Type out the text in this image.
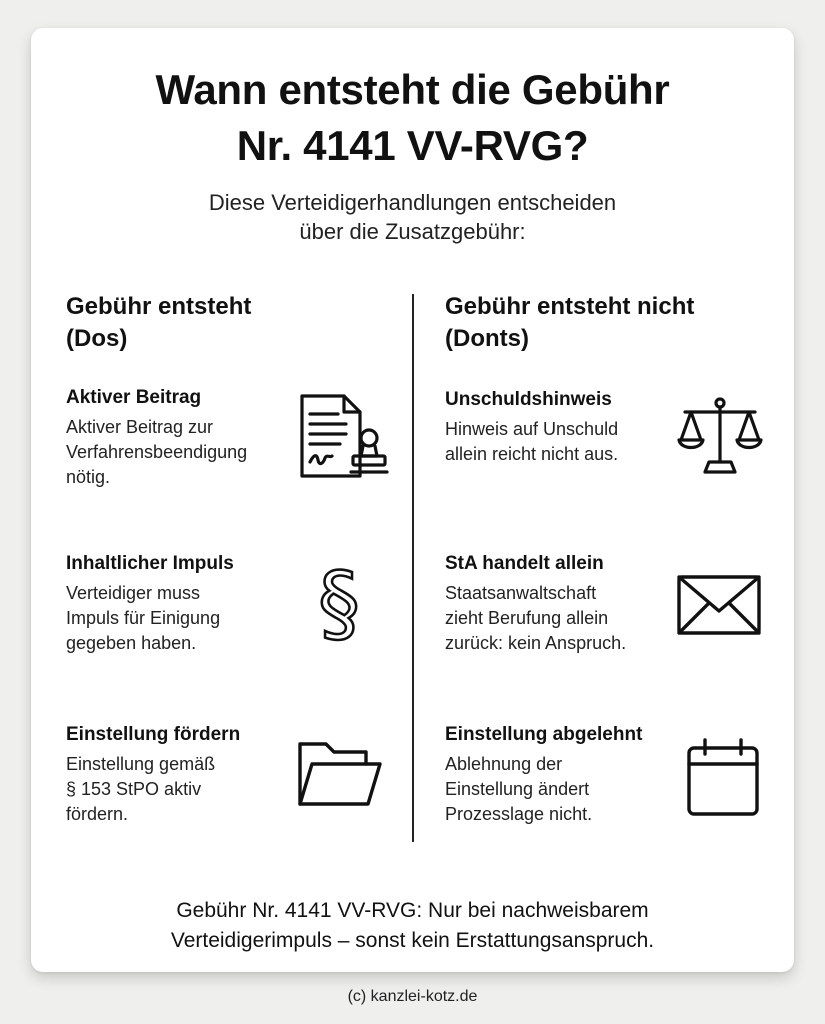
Wann entsteht die Gebühr
Nr. 4141 VV-RVG?

Diese Verteidigerhandlungen entscheiden
über die Zusatzgebühr:

Gebühr entsteht
(Dos)

Aktiver Beitrag

Aktiver Beitrag zur
Verfahrensbeendigung
nötig.

Inhaltlicher Impuls

Verteidiger muss
Impuls für Einigung
gegeben haben.	§

Einstellung fördern

Einstellung gemäß
§ 153 StPO aktiv
fördern.

Gebühr entsteht nicht
(Donts)

Unschuldshinweis

Hinweis auf Unschuld
allein reicht nicht aus.

StA handelt allein

Staatsanwaltschaft
zieht Berufung allein
zurück: kein Anspruch.

Einstellung abgelehnt

Ablehnung der
Einstellung ändert
Prozesslage nicht.

Gebühr Nr. 4141 VV-RVG: Nur bei nachweisbarem
Verteidigerimpuls – sonst kein Erstattungsanspruch.

(c) kanzlei-kotz.de
